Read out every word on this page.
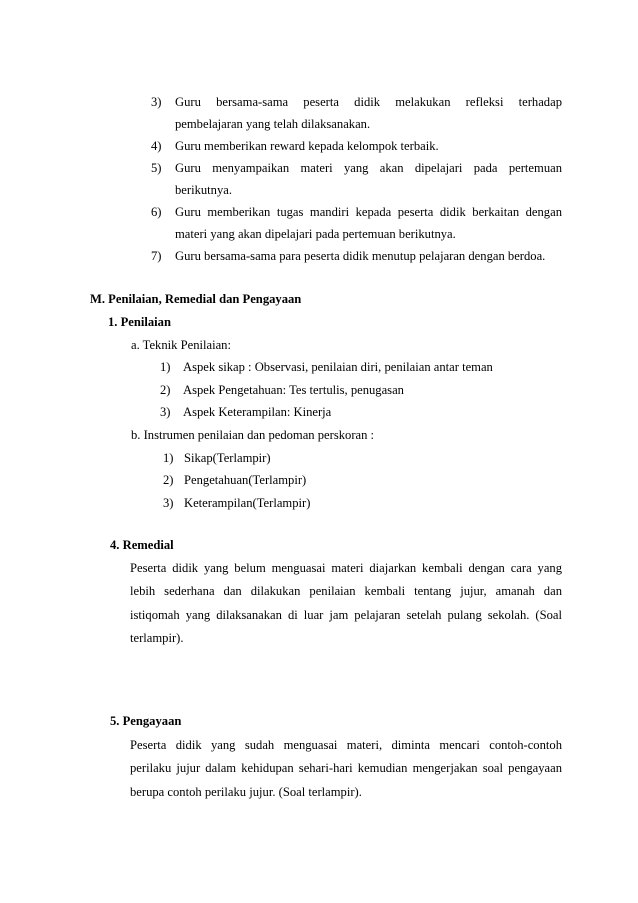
3) Guru bersama-sama peserta didik melakukan refleksi terhadap
pembelajaran yang telah dilaksanakan.
4) Guru memberikan reward kepada kelompok terbaik.
5) Guru menyampaikan materi yang akan dipelajari pada pertemuan
berikutnya.
6) Guru memberikan tugas mandiri kepada peserta didik berkaitan dengan
materi yang akan dipelajari pada pertemuan berikutnya.
7) Guru bersama-sama para peserta didik menutup pelajaran dengan berdoa.
M. Penilaian, Remedial dan Pengayaan
1. Penilaian
a. Teknik Penilaian:
1) Aspek sikap : Observasi, penilaian diri, penilaian antar teman
2) Aspek Pengetahuan: Tes tertulis, penugasan
3) Aspek Keterampilan: Kinerja
b. Instrumen penilaian dan pedoman perskoran :
1) Sikap(Terlampir)
2) Pengetahuan(Terlampir)
3) Keterampilan(Terlampir)
4. Remedial
Peserta didik yang belum menguasai materi diajarkan kembali dengan cara yang
lebih sederhana dan dilakukan penilaian kembali tentang jujur, amanah dan
istiqomah yang dilaksanakan di luar jam pelajaran setelah pulang sekolah. (Soal
terlampir).
5. Pengayaan
Peserta didik yang sudah menguasai materi, diminta mencari contoh-contoh
perilaku jujur dalam kehidupan sehari-hari kemudian mengerjakan soal pengayaan
berupa contoh perilaku jujur. (Soal terlampir).
